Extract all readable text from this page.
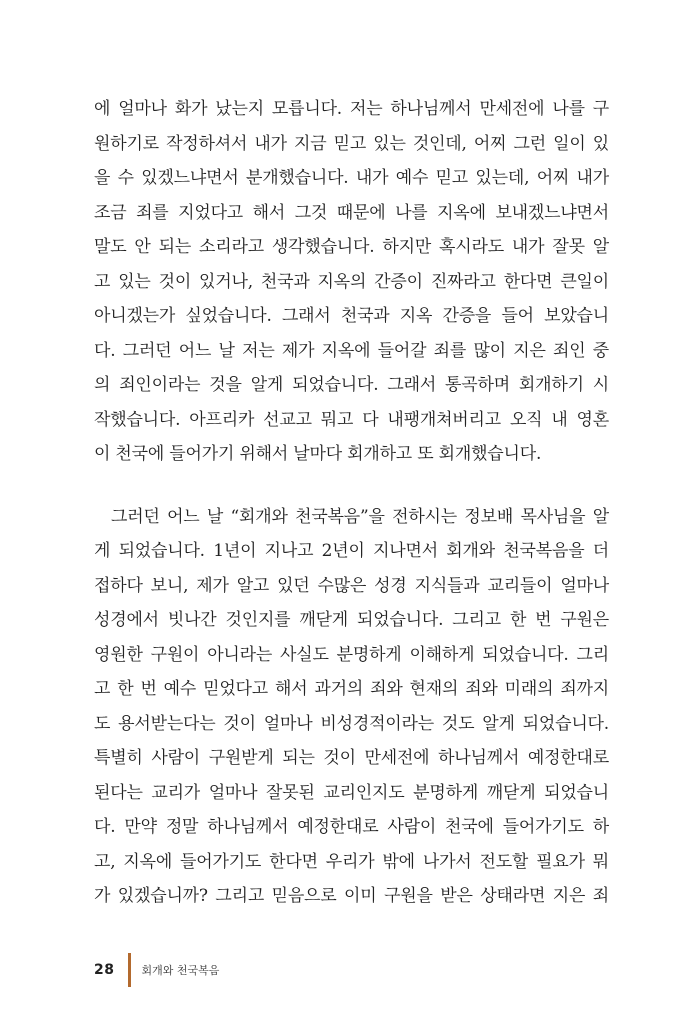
에 얼마나 화가 났는지 모릅니다. 저는 하나님께서 만세전에 나를 구
원하기로 작정하셔서 내가 지금 믿고 있는 것인데, 어찌 그런 일이 있
을 수 있겠느냐면서 분개했습니다. 내가 예수 믿고 있는데, 어찌 내가
조금 죄를 지었다고 해서 그것 때문에 나를 지옥에 보내겠느냐면서
말도 안 되는 소리라고 생각했습니다. 하지만 혹시라도 내가 잘못 알
고 있는 것이 있거나, 천국과 지옥의 간증이 진짜라고 한다면 큰일이
아니겠는가 싶었습니다. 그래서 천국과 지옥 간증을 들어 보았습니
다. 그러던 어느 날 저는 제가 지옥에 들어갈 죄를 많이 지은 죄인 중
의 죄인이라는 것을 알게 되었습니다. 그래서 통곡하며 회개하기 시
작했습니다. 아프리카 선교고 뭐고 다 내팽개쳐버리고 오직 내 영혼
이 천국에 들어가기 위해서 날마다 회개하고 또 회개했습니다.
그러던 어느 날 “회개와 천국복음”을 전하시는 정보배 목사님을 알
게 되었습니다. 1년이 지나고 2년이 지나면서 회개와 천국복음을 더
접하다 보니, 제가 알고 있던 수많은 성경 지식들과 교리들이 얼마나
성경에서 빗나간 것인지를 깨닫게 되었습니다. 그리고 한 번 구원은
영원한 구원이 아니라는 사실도 분명하게 이해하게 되었습니다. 그리
고 한 번 예수 믿었다고 해서 과거의 죄와 현재의 죄와 미래의 죄까지
도 용서받는다는 것이 얼마나 비성경적이라는 것도 알게 되었습니다.
특별히 사람이 구원받게 되는 것이 만세전에 하나님께서 예정한대로
된다는 교리가 얼마나 잘못된 교리인지도 분명하게 깨닫게 되었습니
다. 만약 정말 하나님께서 예정한대로 사람이 천국에 들어가기도 하
고, 지옥에 들어가기도 한다면 우리가 밖에 나가서 전도할 필요가 뭐
가 있겠습니까? 그리고 믿음으로 이미 구원을 받은 상태라면 지은 죄
28 회개와 천국복음
